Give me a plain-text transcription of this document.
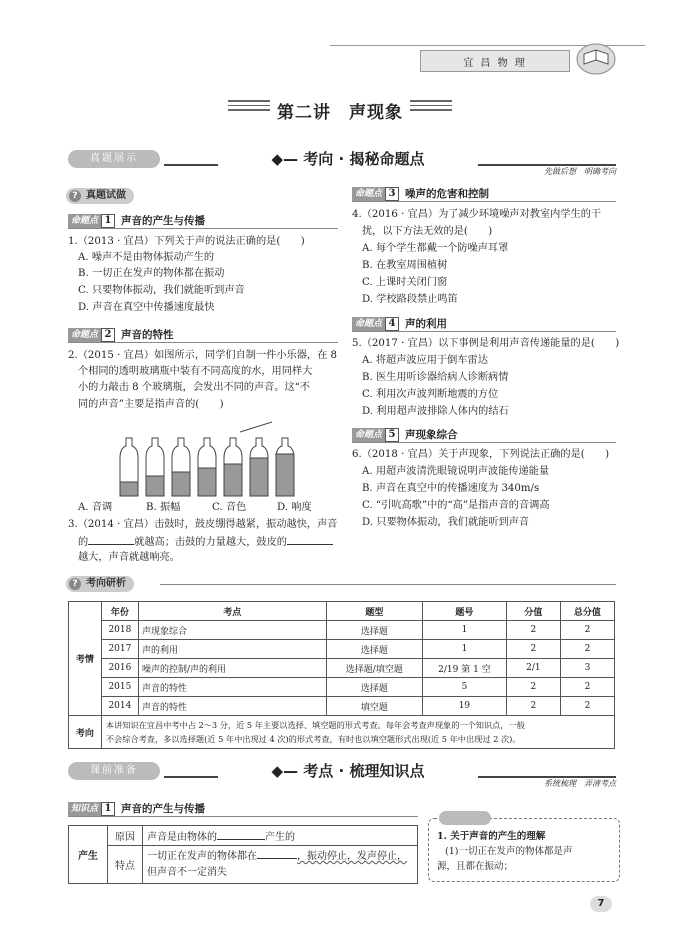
宜 昌 物 理
第二讲　声现象
真题展示	◆— 考向 · 揭秘命题点
先做后想　明确考向
? 真题试做
命题点 1 声音的产生与传播
1.（2013 · 宜昌）下列关于声的说法正确的是(　　)
A. 噪声不是由物体振动产生的
B. 一切正在发声的物体都在振动
C. 只要物体振动，我们就能听到声音
D. 声音在真空中传播速度最快
命题点 2 声音的特性
2.（2015 · 宜昌）如图所示，同学们自制一件小乐器，在 8
个相同的透明玻璃瓶中装有不同高度的水，用同样大
小的力敲击 8 个玻璃瓶，会发出不同的声音。这“不
同的声音”主要是指声音的(　　)
A. 音调	B. 振幅	C. 音色	D. 响度
3.（2014 · 宜昌）击鼓时，鼓皮绷得越紧，振动越快，声音
的	就越高；击鼓的力量越大，鼓皮的
越大，声音就越响亮。
命题点 3 噪声的危害和控制
4.（2016 · 宜昌）为了减少环境噪声对教室内学生的干
扰，以下方法无效的是(　　)
A. 每个学生都戴一个防噪声耳罩
B. 在教室周围植树
C. 上课时关闭门窗
D. 学校路段禁止鸣笛
命题点 4 声的利用
5.（2017 · 宜昌）以下事例是利用声音传递能量的是(　　)
A. 将超声波应用于倒车雷达
B. 医生用听诊器给病人诊断病情
C. 利用次声波判断地震的方位
D. 利用超声波排除人体内的结石
命题点 5 声现象综合
6.（2018 · 宜昌）关于声现象，下列说法正确的是(　　)
A. 用超声波清洗眼镜说明声波能传递能量
B. 声音在真空中的传播速度为 340m/s
C. “引吭高歌”中的“高”是指声音的音调高
D. 只要物体振动，我们就能听到声音
? 考向研析
考情	年份	考点	题型	题号	分值	总分值
	2018	声现象综合	选择题	1	2	2
	2017	声的利用	选择题	1	2	2
	2016	噪声的控制/声的利用	选择题/填空题	2/19 第 1 空	2/1	3
	2015	声音的特性	选择题	5	2	2
	2014	声音的特性	填空题	19	2	2
考向	本讲知识在宜昌中考中占 2～3 分，近 5 年主要以选择、填空题的形式考查。每年会考查声现象的一个知识点，一般
不会综合考查，多以选择题(近 5 年中出现过 4 次)的形式考查，有时也以填空题形式出现(近 5 年中出现过 2 次)。					
课前准备	◆— 考点 · 梳理知识点
系统梳理　弄清考点
知识点 1 声音的产生与传播
产生	原因	声音是由物体的 产生的
	特点	一切正在发声的物体都在 ，振动停止，发声停止，
但声音不一定消失
1. 关于声音的产生的理解
(1)一切正在发声的物体都是声
源，且都在振动；
7
